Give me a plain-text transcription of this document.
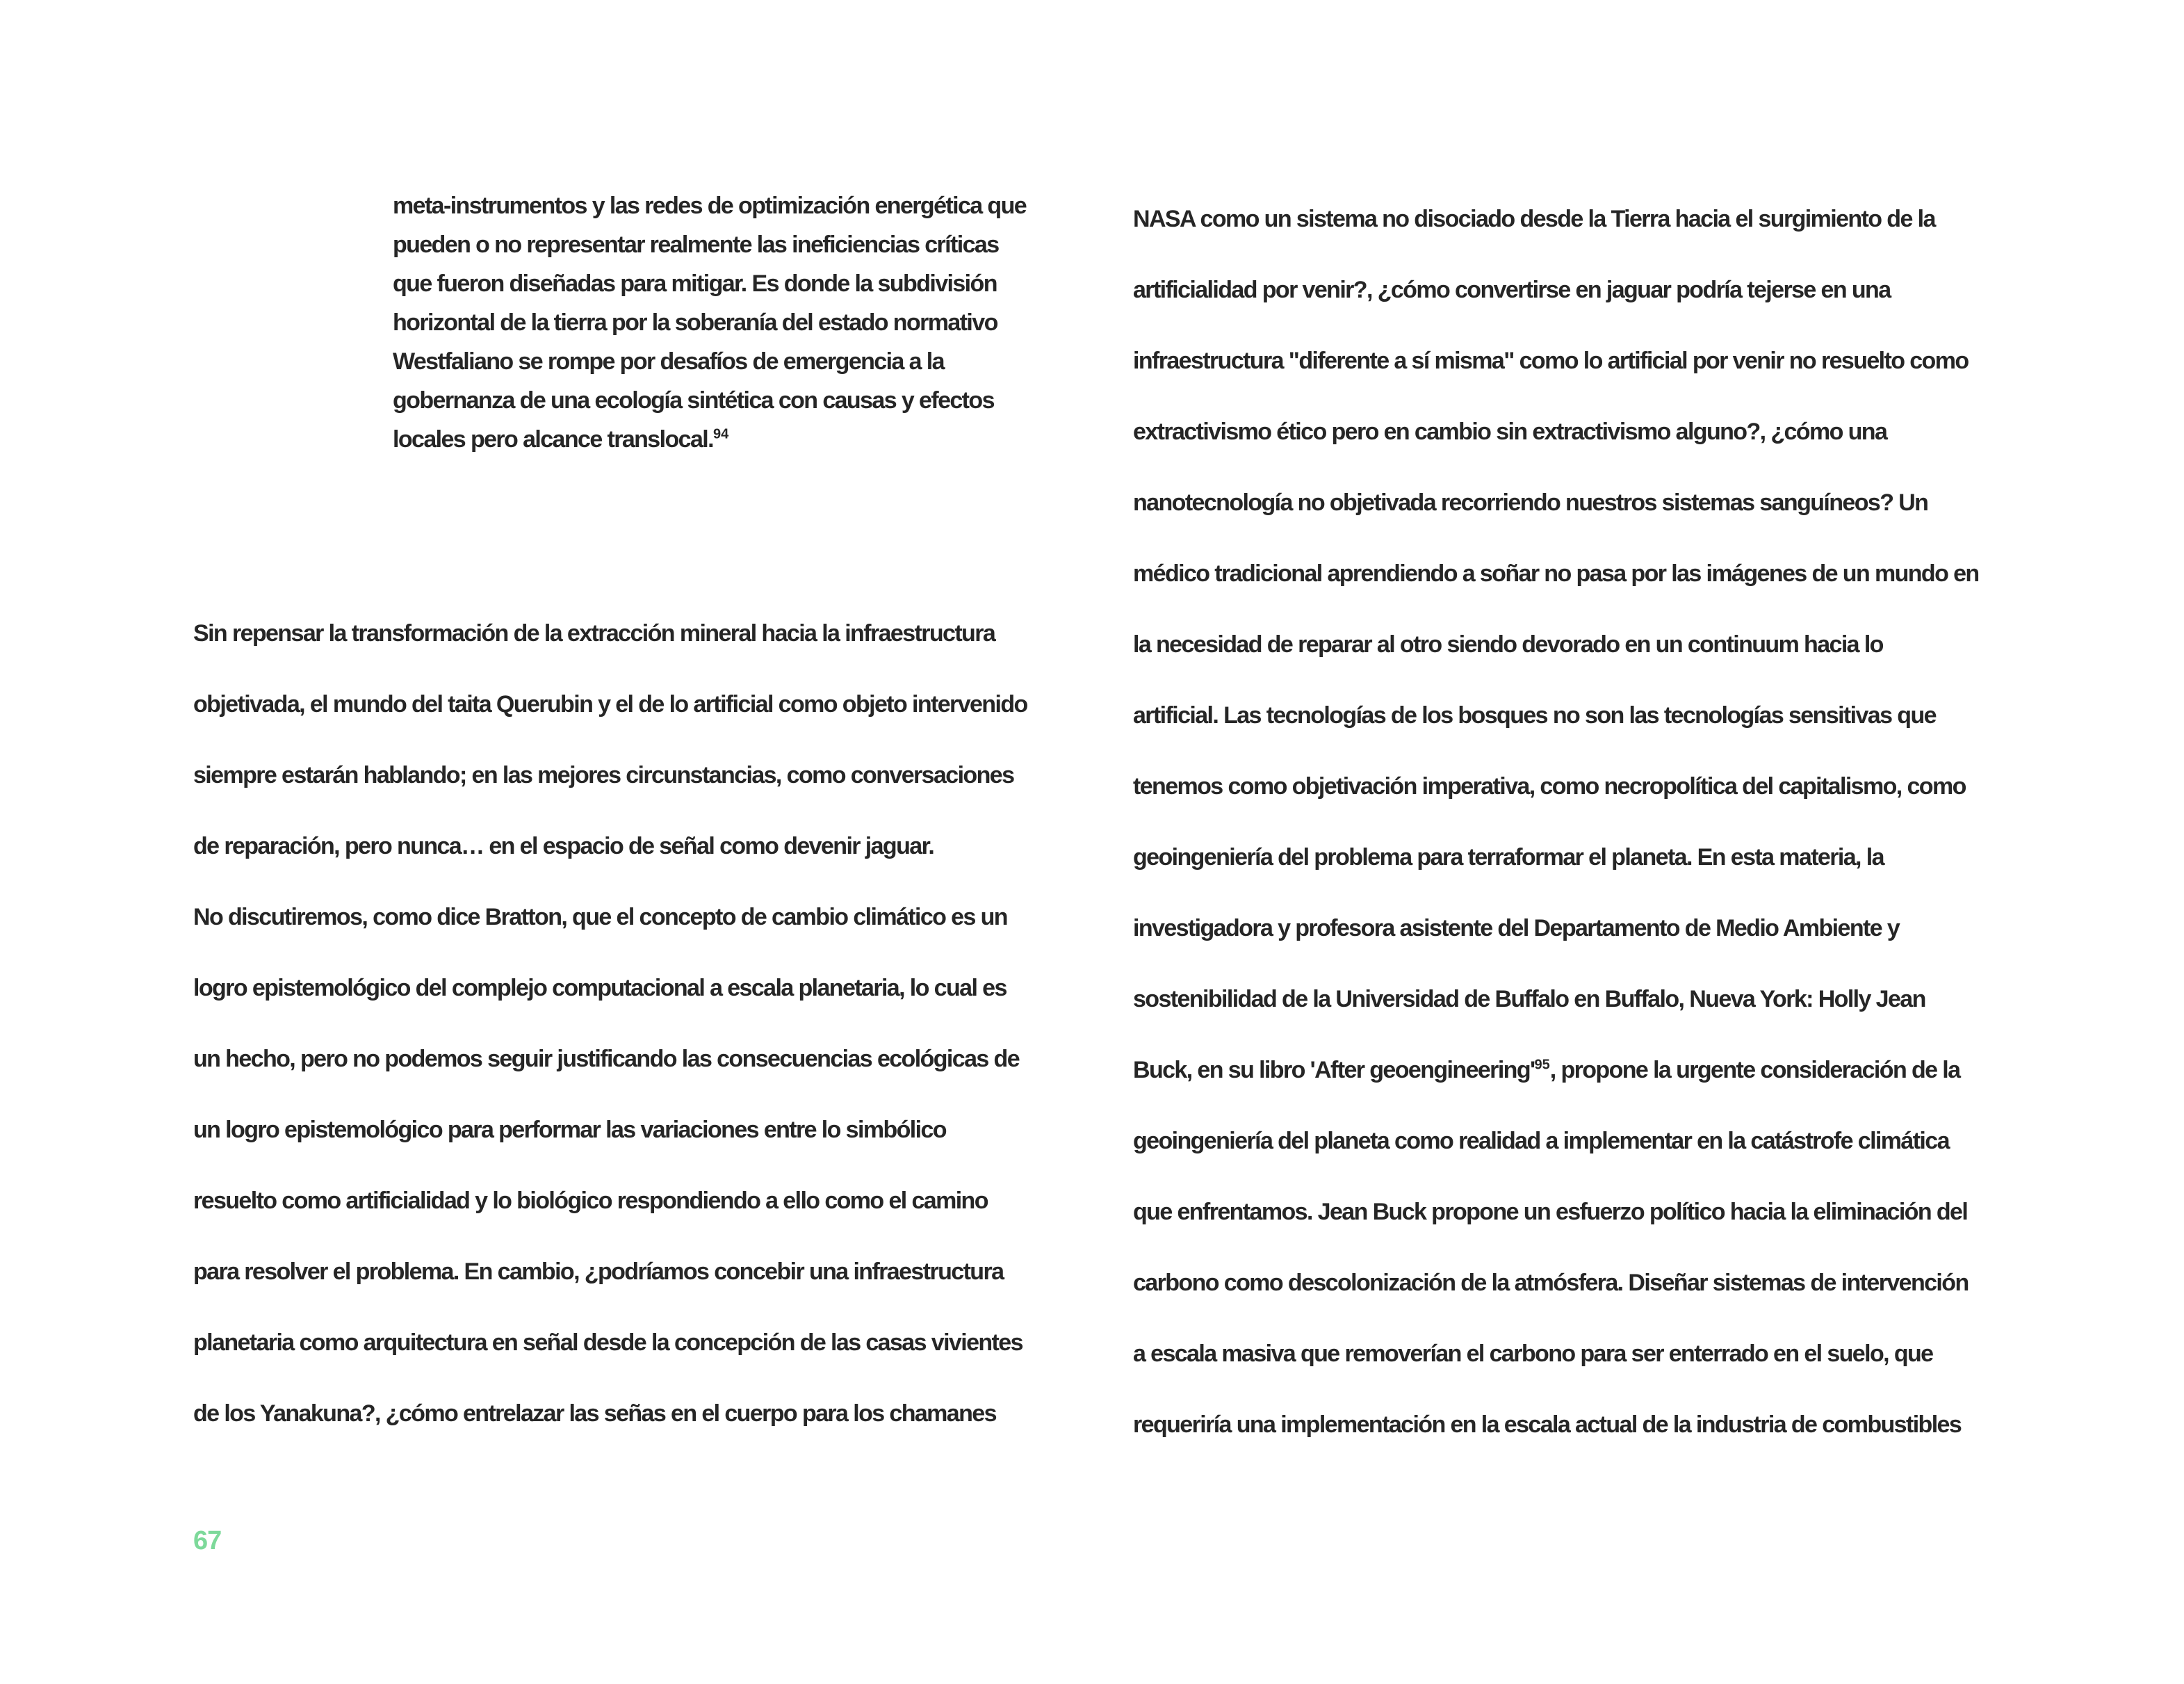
meta-instrumentos y las redes de optimización energética que
pueden o no representar realmente las ineficiencias críticas
que fueron diseñadas para mitigar. Es donde la subdivisión
horizontal de la tierra por la soberanía del estado normativo
Westfaliano se rompe por desafíos de emergencia a la
gobernanza de una ecología sintética con causas y efectos
locales pero alcance translocal.$^{94}$
Sin repensar la transformación de la extracción mineral hacia la infraestructura
objetivada, el mundo del taita Querubin y el de lo artificial como objeto intervenido
siempre estarán hablando; en las mejores circunstancias, como conversaciones
de reparación, pero nunca… en el espacio de señal como devenir jaguar.
No discutiremos, como dice Bratton, que el concepto de cambio climático es un
logro epistemológico del complejo computacional a escala planetaria, lo cual es
un hecho, pero no podemos seguir justificando las consecuencias ecológicas de
un logro epistemológico para performar las variaciones entre lo simbólico
resuelto como artificialidad y lo biológico respondiendo a ello como el camino
para resolver el problema. En cambio, ¿podríamos concebir una infraestructura
planetaria como arquitectura en señal desde la concepción de las casas vivientes
de los Yanakuna?, ¿cómo entrelazar las señas en el cuerpo para los chamanes
NASA como un sistema no disociado desde la Tierra hacia el surgimiento de la
artificialidad por venir?, ¿cómo convertirse en jaguar podría tejerse en una
infraestructura "diferente a sí misma" como lo artificial por venir no resuelto como
extractivismo ético pero en cambio sin extractivismo alguno?, ¿cómo una
nanotecnología no objetivada recorriendo nuestros sistemas sanguíneos? Un
médico tradicional aprendiendo a soñar no pasa por las imágenes de un mundo en
la necesidad de reparar al otro siendo devorado en un continuum hacia lo
artificial. Las tecnologías de los bosques no son las tecnologías sensitivas que
tenemos como objetivación imperativa, como necropolítica del capitalismo, como
geoingeniería del problema para terraformar el planeta. En esta materia, la
investigadora y profesora asistente del Departamento de Medio Ambiente y
sostenibilidad de la Universidad de Buffalo en Buffalo, Nueva York: Holly Jean
Buck, en su libro 'After $geoengineering'^{95}$, propone la urgente consideración de la
geoingeniería del planeta como realidad a implementar en la catástrofe climática
que enfrentamos. Jean Buck propone un esfuerzo político hacia la eliminación del
carbono como descolonización de la atmósfera. Diseñar sistemas de intervención
a escala masiva que removerían el carbono para ser enterrado en el suelo, que
requeriría una implementación en la escala actual de la industria de combustibles
67
